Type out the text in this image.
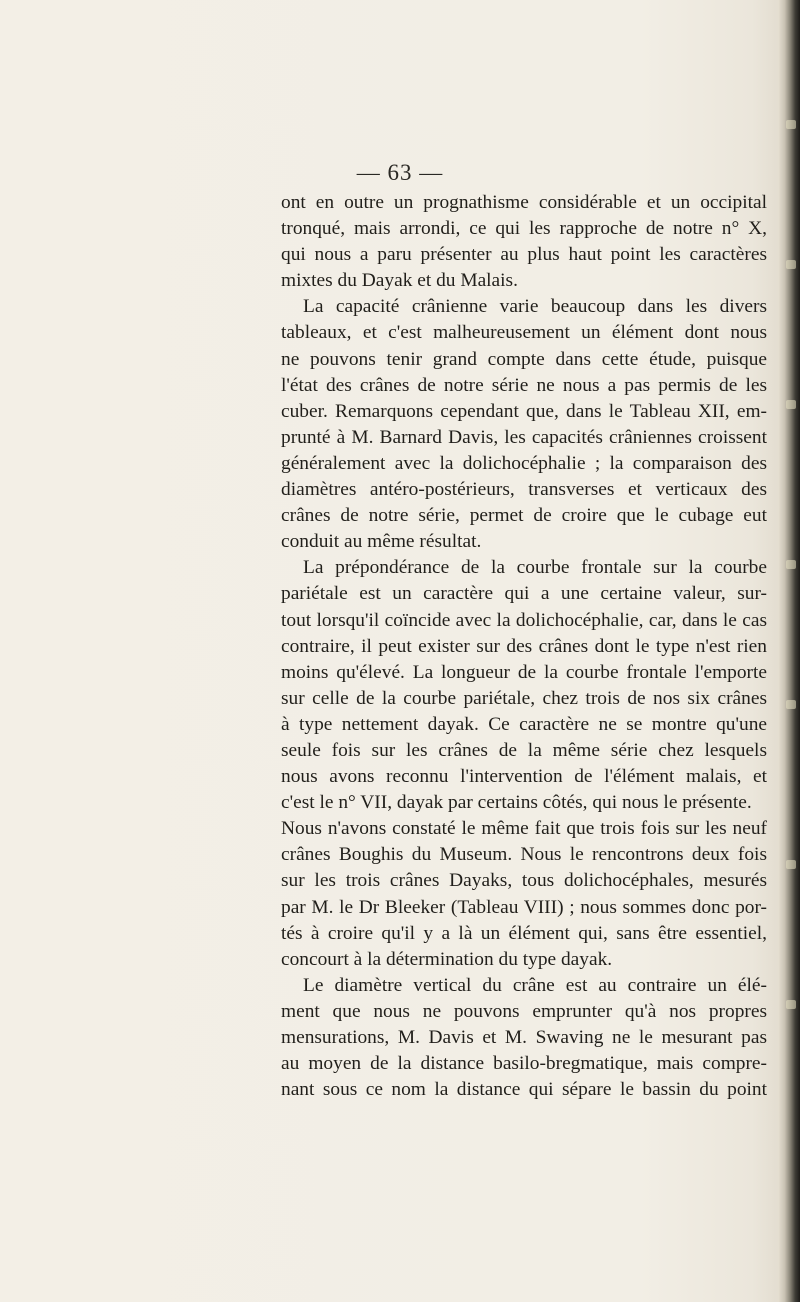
— 63 —
ont en outre un prognathisme considérable et un occipital
tronqué, mais arrondi, ce qui les rapproche de notre n° X,
qui nous a paru présenter au plus haut point les caractères
mixtes du Dayak et du Malais.
La capacité crânienne varie beaucoup dans les divers
tableaux, et c'est malheureusement un élément dont nous
ne pouvons tenir grand compte dans cette étude, puisque
l'état des crânes de notre série ne nous a pas permis de les
cuber. Remarquons cependant que, dans le Tableau XII, em-
prunté à M. Barnard Davis, les capacités crâniennes croissent
généralement avec la dolichocéphalie ; la comparaison des
diamètres antéro-postérieurs, transverses et verticaux des
crânes de notre série, permet de croire que le cubage eut
conduit au même résultat.
La prépondérance de la courbe frontale sur la courbe
pariétale est un caractère qui a une certaine valeur, sur-
tout lorsqu'il coïncide avec la dolichocéphalie, car, dans le cas
contraire, il peut exister sur des crânes dont le type n'est rien
moins qu'élevé. La longueur de la courbe frontale l'emporte
sur celle de la courbe pariétale, chez trois de nos six crânes
à type nettement dayak. Ce caractère ne se montre qu'une
seule fois sur les crânes de la même série chez lesquels
nous avons reconnu l'intervention de l'élément malais, et
c'est le n° VII, dayak par certains côtés, qui nous le présente.
Nous n'avons constaté le même fait que trois fois sur les neuf
crânes Boughis du Museum. Nous le rencontrons deux fois
sur les trois crânes Dayaks, tous dolichocéphales, mesurés
par M. le Dr Bleeker (Tableau VIII) ; nous sommes donc por-
tés à croire qu'il y a là un élément qui, sans être essentiel,
concourt à la détermination du type dayak.
Le diamètre vertical du crâne est au contraire un élé-
ment que nous ne pouvons emprunter qu'à nos propres
mensurations, M. Davis et M. Swaving ne le mesurant pas
au moyen de la distance basilo-bregmatique, mais compre-
nant sous ce nom la distance qui sépare le bassin du point
